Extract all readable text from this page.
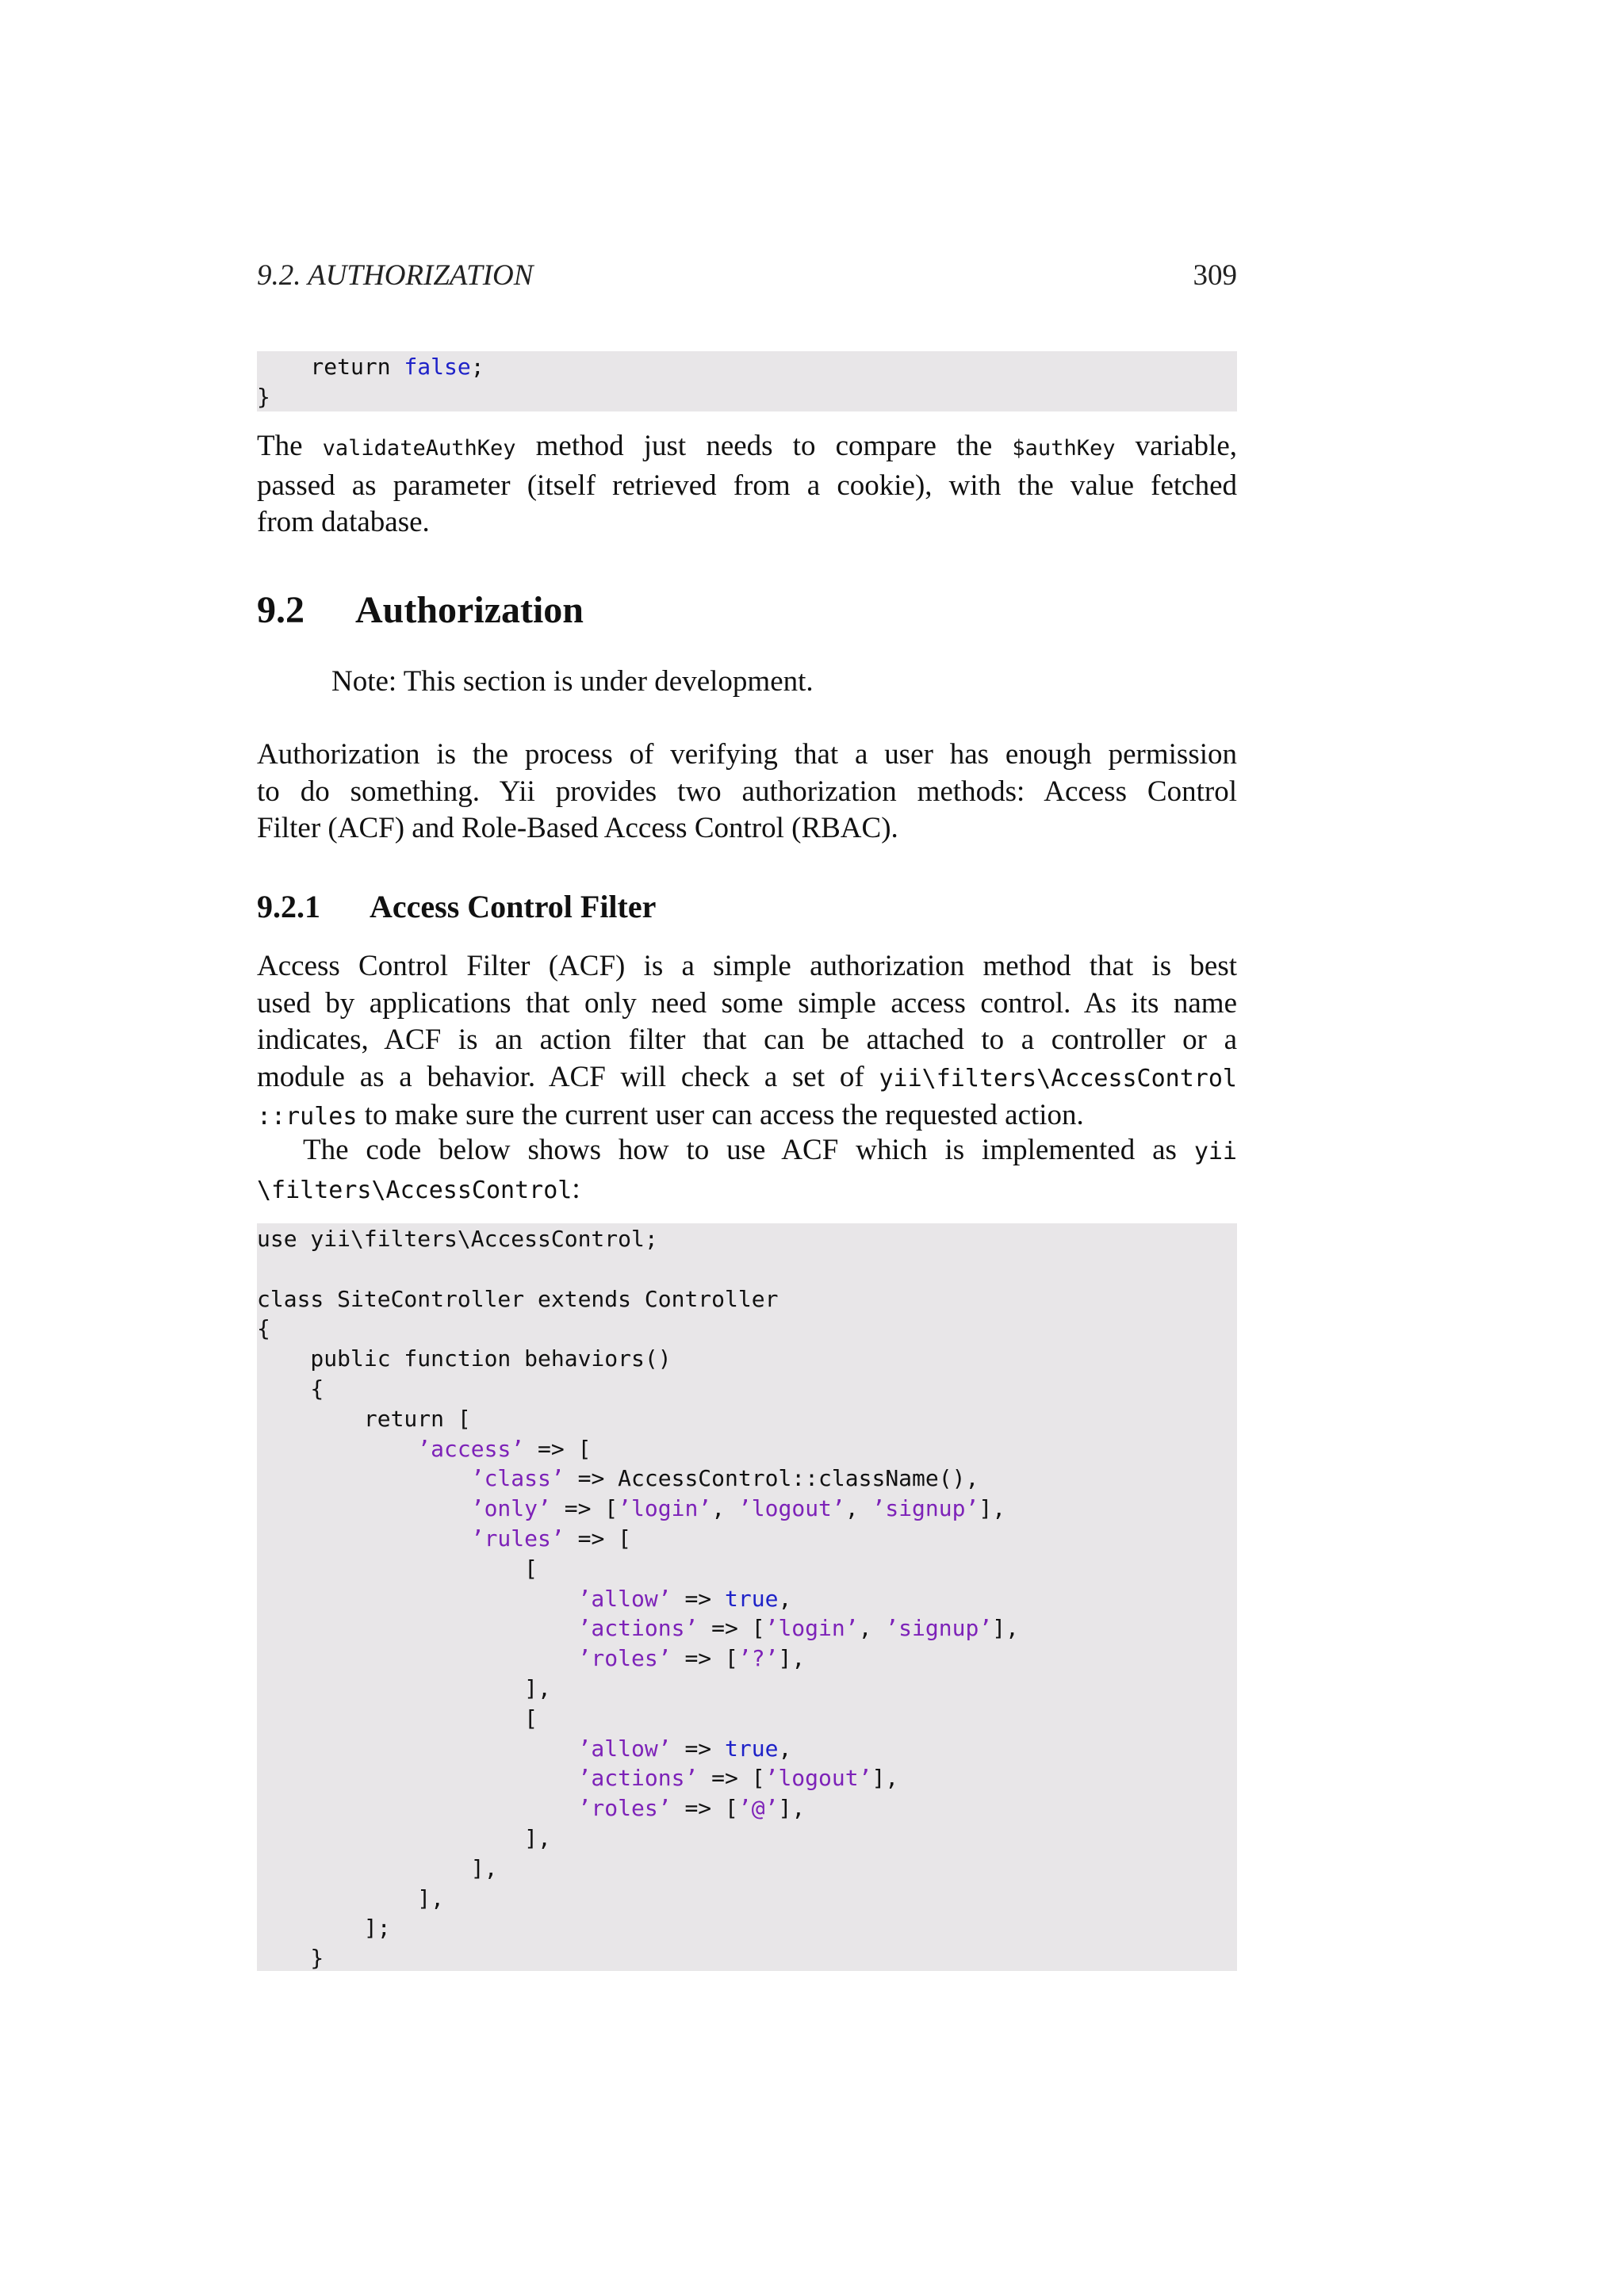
9.2. AUTHORIZATION	309
return false;
}
The validateAuthKey method just needs to compare the $authKey variable,
passed as parameter (itself retrieved from a cookie), with the value fetched
from database.
9.2 Authorization
Note: This section is under development.
Authorization is the process of verifying that a user has enough permission
to do something. Yii provides two authorization methods: Access Control
Filter (ACF) and Role-Based Access Control (RBAC).
9.2.1 Access Control Filter
Access Control Filter (ACF) is a simple authorization method that is best
used by applications that only need some simple access control. As its name
indicates, ACF is an action filter that can be attached to a controller or a
module as a behavior. ACF will check a set of yii\filters\AccessControl
::rules to make sure the current user can access the requested action.
The code below shows how to use ACF which is implemented as yii
\filters\AccessControl:
use yii\filters\AccessControl;
class SiteController extends Controller
{
public function behaviors()
{
return [
’access’ => [
’class’ => AccessControl::className(),
’only’ => [’login’, ’logout’, ’signup’],
’rules’ => [
[
’allow’ => true,
’actions’ => [’login’, ’signup’],
’roles’ => [’?’],
],
[
’allow’ => true,
’actions’ => [’logout’],
’roles’ => [’@’],
],
],
],
];
}
